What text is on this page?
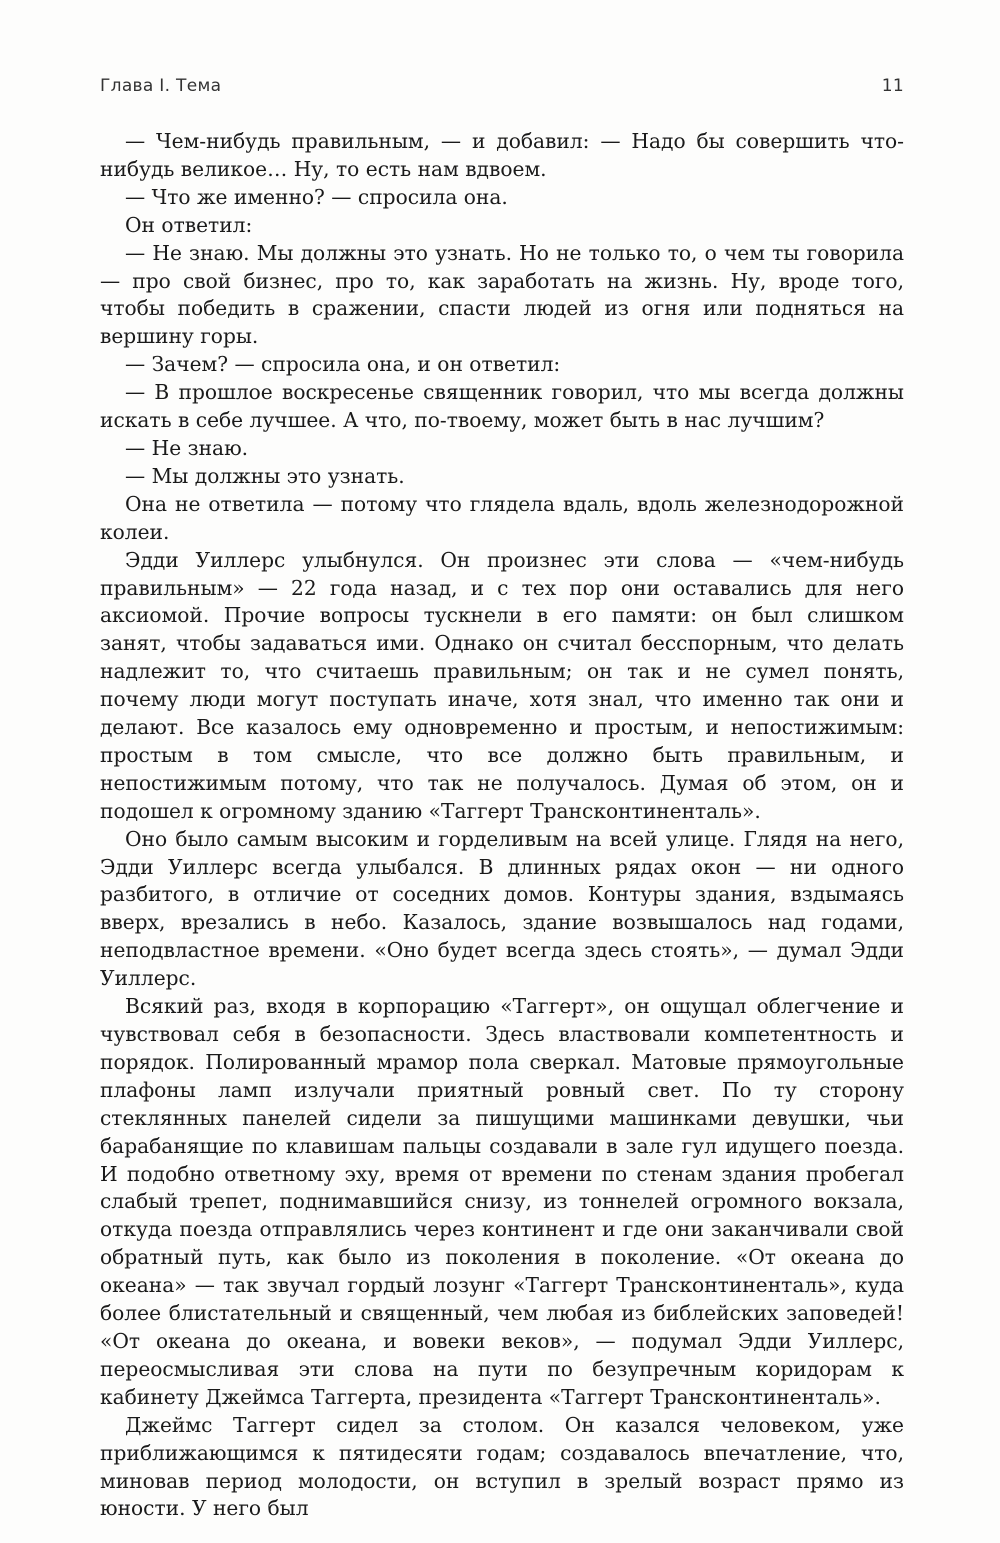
Глава I. Тема	11

— Чем-нибудь правильным, — и добавил: — Надо бы совершить что-нибудь великое… Ну, то есть нам вдвоем.

— Что же именно? — спросила она.

Он ответил:

— Не знаю. Мы должны это узнать. Но не только то, о чем ты говорила — про свой бизнес, про то, как заработать на жизнь. Ну, вроде того, чтобы победить в сражении, спасти людей из огня или подняться на вершину горы.

— Зачем? — спросила она, и он ответил:

— В прошлое воскресенье священник говорил, что мы всегда должны искать в себе лучшее. А что, по-твоему, может быть в нас лучшим?

— Не знаю.

— Мы должны это узнать.

Она не ответила — потому что глядела вдаль, вдоль железнодорожной колеи.

Эдди Уиллерс улыбнулся. Он произнес эти слова — «чем-нибудь правильным» — 22 года назад, и с тех пор они оставались для него аксиомой. Прочие вопросы тускнели в его памяти: он был слишком занят, чтобы задаваться ими. Однако он считал бесспорным, что делать надлежит то, что считаешь правильным; он так и не сумел понять, почему люди могут поступать иначе, хотя знал, что именно так они и делают. Все казалось ему одновременно и простым, и непостижимым: простым в том смысле, что все должно быть правильным, и непостижимым потому, что так не получалось. Думая об этом, он и подошел к огромному зданию «Таггерт Трансконтиненталь».

Оно было самым высоким и горделивым на всей улице. Глядя на него, Эдди Уиллерс всегда улыбался. В длинных рядах окон — ни одного разбитого, в отличие от соседних домов. Контуры здания, вздымаясь вверх, врезались в небо. Казалось, здание возвышалось над годами, неподвластное времени. «Оно будет всегда здесь стоять», — думал Эдди Уиллерс.

Всякий раз, входя в корпорацию «Таггерт», он ощущал облегчение и чувствовал себя в безопасности. Здесь властвовали компетентность и порядок. Полированный мрамор пола сверкал. Матовые прямоугольные плафоны ламп излучали приятный ровный свет. По ту сторону стеклянных панелей сидели за пишущими машинками девушки, чьи барабанящие по клавишам пальцы создавали в зале гул идущего поезда. И подобно ответному эху, время от времени по стенам здания пробегал слабый трепет, поднимавшийся снизу, из тоннелей огромного вокзала, откуда поезда отправлялись через континент и где они заканчивали свой обратный путь, как было из поколения в поколение. «От океана до океана» — так звучал гордый лозунг «Таггерт Трансконтиненталь», куда более блистательный и священный, чем любая из библейских заповедей! «От океана до океана, и вовеки веков», — подумал Эдди Уиллерс, переосмысливая эти слова на пути по безупречным коридорам к кабинету Джеймса Таггерта, президента «Таггерт Трансконтиненталь».

Джеймс Таггерт сидел за столом. Он казался человеком, уже приближающимся к пятидесяти годам; создавалось впечатление, что, миновав период молодости, он вступил в зрелый возраст прямо из юности. У него был
